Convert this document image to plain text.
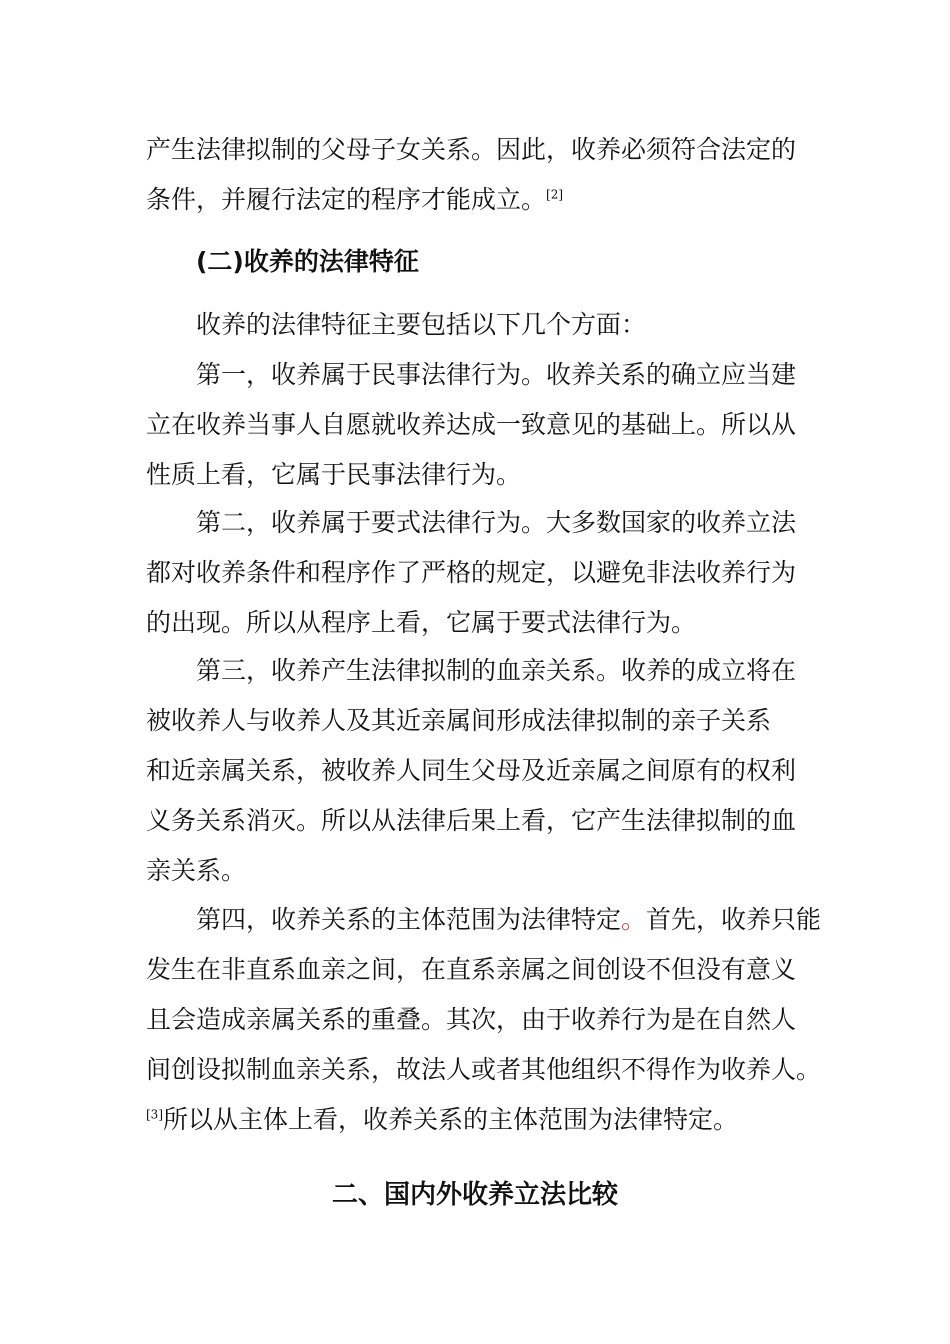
产生法律拟制的父母子女关系。因此，收养必须符合法定的
条件，并履行法定的程序才能成立。[2]

(二)收养的法律特征

收养的法律特征主要包括以下几个方面：

第一，收养属于民事法律行为。收养关系的确立应当建
立在收养当事人自愿就收养达成一致意见的基础上。所以从
性质上看，它属于民事法律行为。

第二，收养属于要式法律行为。大多数国家的收养立法
都对收养条件和程序作了严格的规定，以避免非法收养行为
的出现。所以从程序上看，它属于要式法律行为。

第三，收养产生法律拟制的血亲关系。收养的成立将在
被收养人与收养人及其近亲属间形成法律拟制的亲子关系
和近亲属关系，被收养人同生父母及近亲属之间原有的权利
义务关系消灭。所以从法律后果上看，它产生法律拟制的血
亲关系。

第四，收养关系的主体范围为法律特定。首先，收养只能
发生在非直系血亲之间，在直系亲属之间创设不但没有意义
且会造成亲属关系的重叠。其次，由于收养行为是在自然人
间创设拟制血亲关系，故法人或者其他组织不得作为收养人。
[3]所以从主体上看，收养关系的主体范围为法律特定。

二、国内外收养立法比较
